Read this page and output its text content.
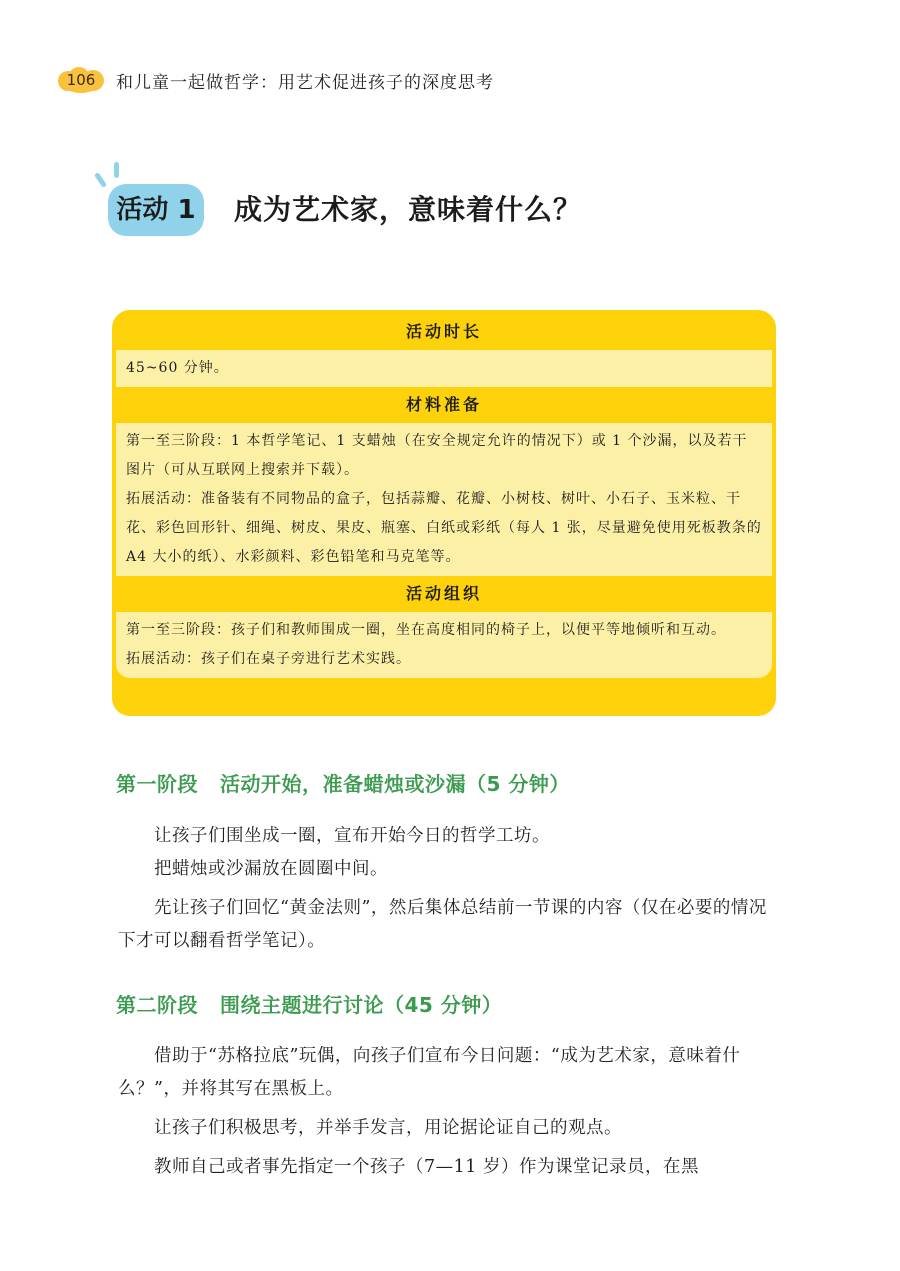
106	和儿童一起做哲学：用艺术促进孩子的深度思考
活动 1	成为艺术家，意味着什么？
活动时长

45~60 分钟。

材料准备

第一至三阶段：1 本哲学笔记、1 支蜡烛（在安全规定允许的情况下）或 1 个沙漏，以及若干图片（可从互联网上搜索并下载）。

拓展活动：准备装有不同物品的盒子，包括蒜瓣、花瓣、小树枝、树叶、小石子、玉米粒、干花、彩色回形针、细绳、树皮、果皮、瓶塞、白纸或彩纸（每人 1 张，尽量避免使用死板教条的 A4 大小的纸）、水彩颜料、彩色铅笔和马克笔等。

活动组织

第一至三阶段：孩子们和教师围成一圈，坐在高度相同的椅子上，以便平等地倾听和互动。

拓展活动：孩子们在桌子旁进行艺术实践。

第一阶段 活动开始，准备蜡烛或沙漏（5 分钟）

让孩子们围坐成一圈，宣布开始今日的哲学工坊。

把蜡烛或沙漏放在圆圈中间。

先让孩子们回忆“黄金法则”，然后集体总结前一节课的内容（仅在必要的情况下才可以翻看哲学笔记）。

第二阶段 围绕主题进行讨论（45 分钟）

借助于“苏格拉底”玩偶，向孩子们宣布今日问题：“成为艺术家，意味着什么？”，并将其写在黑板上。

让孩子们积极思考，并举手发言，用论据论证自己的观点。

教师自己或者事先指定一个孩子（7—11 岁）作为课堂记录员，在黑
